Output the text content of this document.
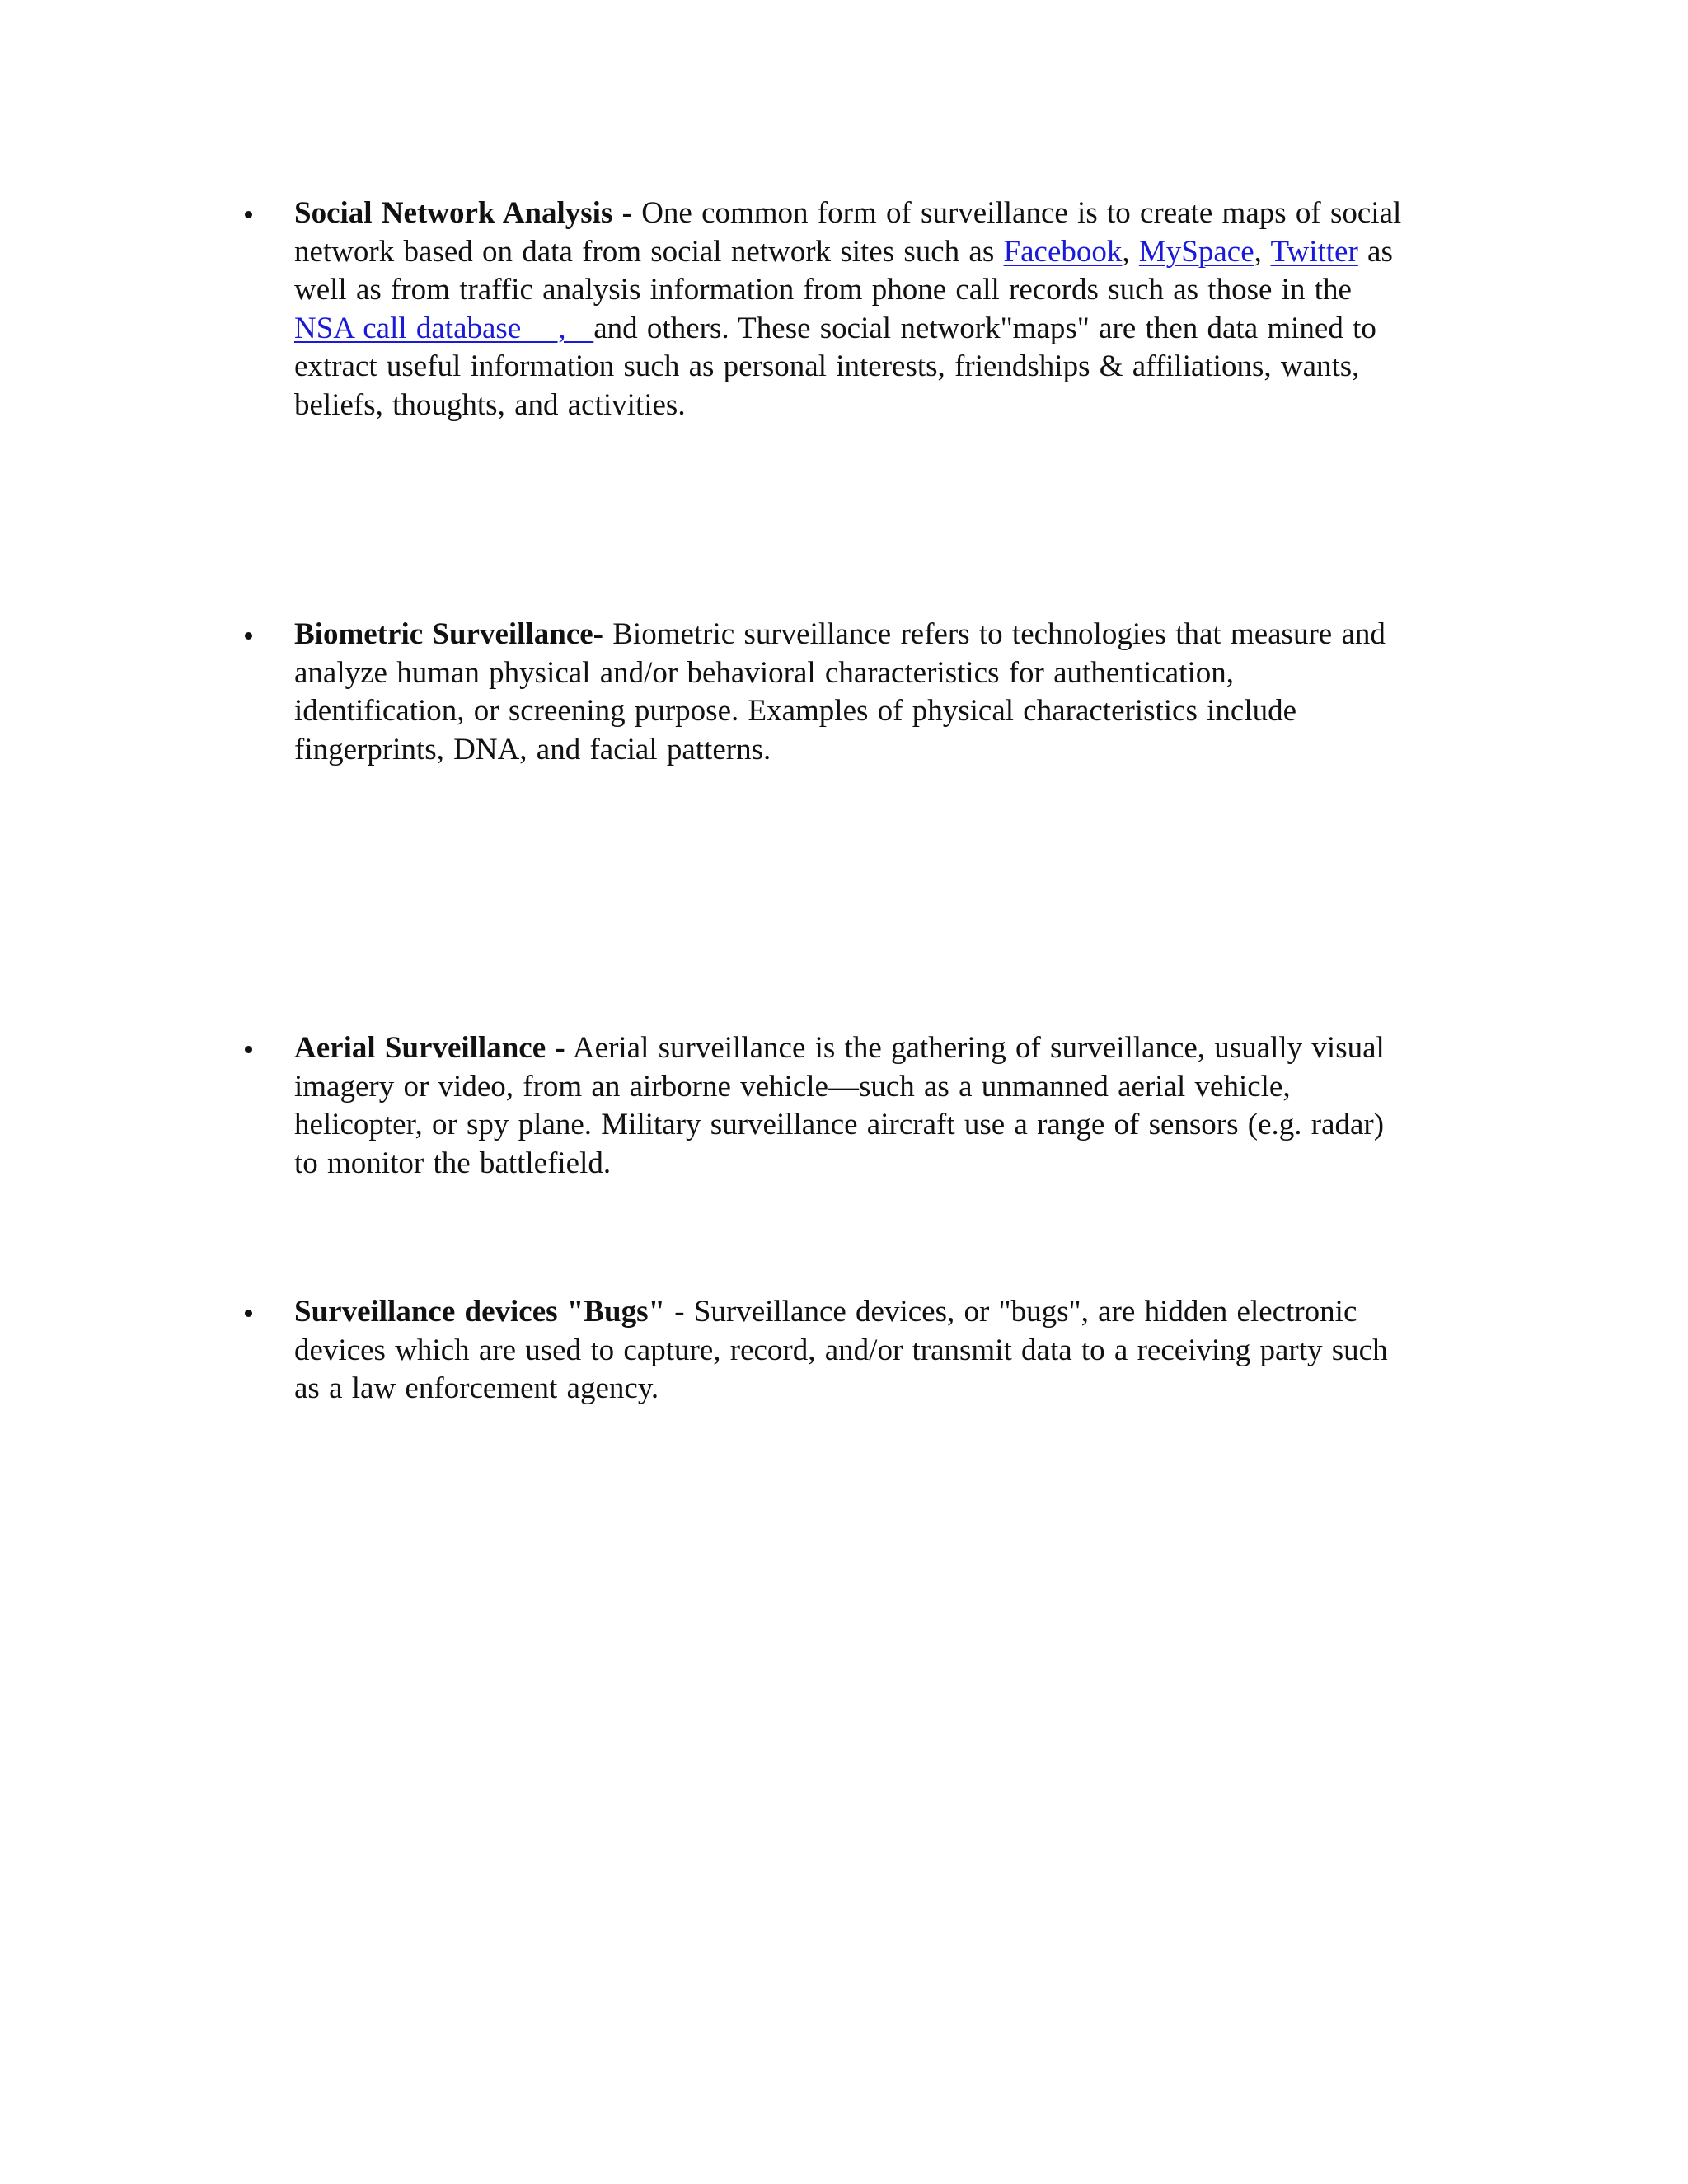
Social Network Analysis - One common form of surveillance is to create maps of social
network based on data from social network sites such as Facebook, MySpace, Twitter as
well as from traffic analysis information from phone call records such as those in the
NSA call database    ,   and others. These social network"maps" are then data mined to
extract useful information such as personal interests, friendships & affiliations, wants,
beliefs, thoughts, and activities.
Biometric Surveillance- Biometric surveillance refers to technologies that measure and
analyze human physical and/or behavioral characteristics for authentication,
identification, or screening purpose. Examples of physical characteristics include
fingerprints, DNA, and facial patterns.
Aerial Surveillance - Aerial surveillance is the gathering of surveillance, usually visual
imagery or video, from an airborne vehicle—such as a unmanned aerial vehicle,
helicopter, or spy plane. Military surveillance aircraft use a range of sensors (e.g. radar)
to monitor the battlefield.
Surveillance devices "Bugs" - Surveillance devices, or "bugs", are hidden electronic
devices which are used to capture, record, and/or transmit data to a receiving party such
as a law enforcement agency.
